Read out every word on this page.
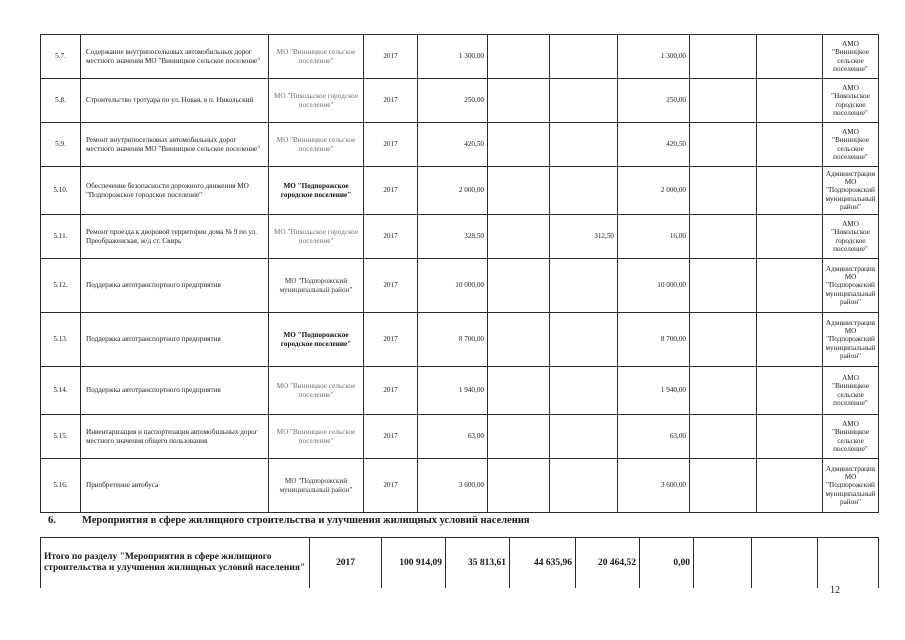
5.7.	Содержание внутрипоселковых автомобильных дорог местного значения МО "Винницкое сельское поселение"	МО "Винницкое сельское поселение"	2017	1 300,00			1 300,00			АМО "Винницкое сельское поселение"
5.8.	Строительство тротуара по ул. Новая, в п. Никольский	МО "Никольское городское поселение"	2017	250,00			250,00			АМО "Никольское городское поселение"
5.9.	Ремонт внутрипоселковых автомобильных дорог местного значения МО "Винницкое сельское поселение"	МО "Винницкое сельское поселение"	2017	420,50			420,50			АМО "Винницкое сельское поселение"
5.10.	Обеспечение безопасности дорожного движения МО "Подпорожское городское поселение"	МО "Подпорожское городское поселение"	2017	2 000,00			2 000,00			Администрация МО "Подпорожский муниципальный район"
5.11.	Ремонт проезда к дворовой территории дома № 9 по ул. Преображенская, ж/д ст. Свирь	МО "Никольское городское поселение"	2017	328,50		312,50	16,00			АМО "Никольское городское поселение"
5.12.	Поддержка автотранспортного предприятия	МО "Подпорожский муниципальный район"	2017	10 000,00			10 000,00			Администрация МО "Подпорожский муниципальный район"
5.13.	Поддержка автотранспортного предприятия	МО "Подпорожское городское поселение"	2017	8 700,00			8 700,00			Администрация МО "Подпорожский муниципальный район"
5.14.	Поддержка автотранспортного предприятия	МО "Винницкое сельское поселение"	2017	1 940,00			1 940,00			АМО "Винницкое сельское поселение"
5.15.	Инвентаризация и паспортизация автомобильных дорог местного значения общего пользования	МО "Винницкое сельское поселение"	2017	63,00			63,00			АМО "Винницкое сельское поселение"
5.16.	Приобретение автобуса	МО "Подпорожский муниципальный район"	2017	3 600,00			3 600,00			Администрация МО "Подпорожский муниципальный район"
6. Мероприятия в сфере жилищного строительства и улучшения жилищных условий населения
Итого по разделу "Мероприятия в сфере жилищного строительства и улучшения жилищных условий населения"	2017	100 914,09	35 813,61	44 635,96	20 464,52	0,00			
12
